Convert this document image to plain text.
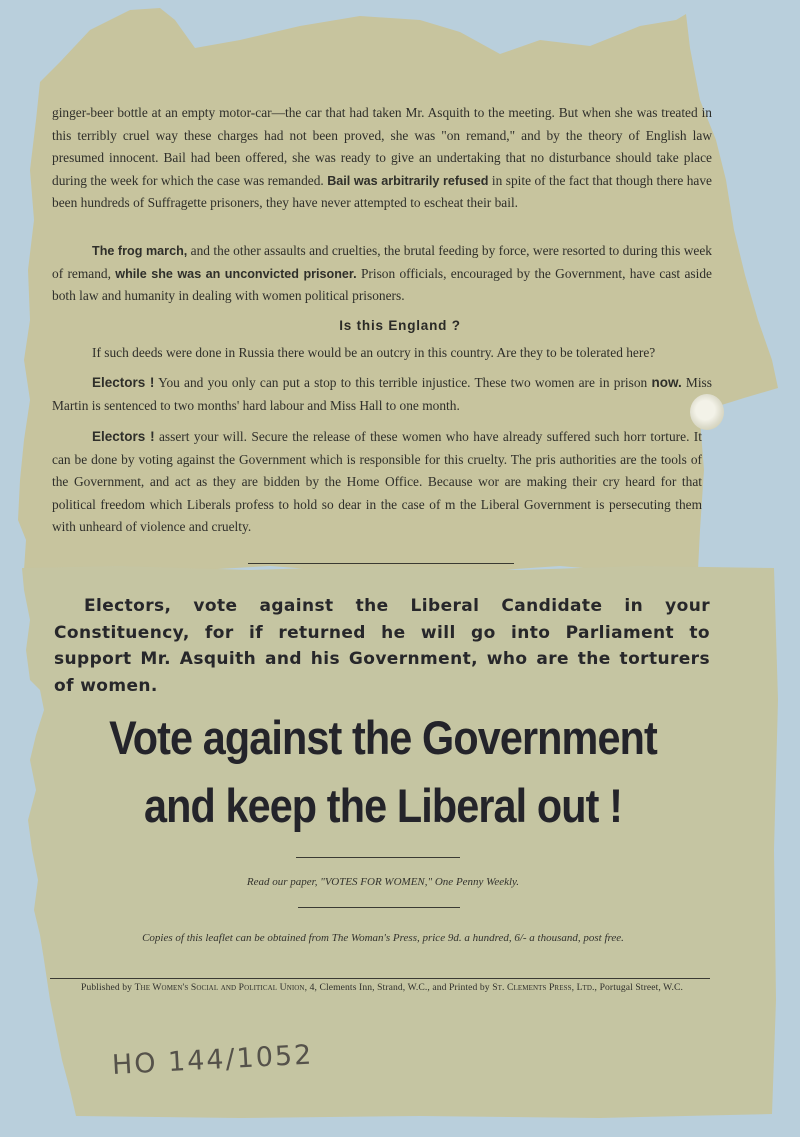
ginger-beer bottle at an empty motor-car—the car that had taken Mr. Asquith to the meeting. But when she was treated in this terribly cruel way these charges had not been proved, she was "on remand," and by the theory of English law presumed innocent. Bail had been offered, she was ready to give an undertaking that no disturbance should take place during the week for which the case was remanded. Bail was arbitrarily refused in spite of the fact that though there have been hundreds of Suffragette prisoners, they have never attempted to escheat their bail.
The frog march, and the other assaults and cruelties, the brutal feeding by force, were resorted to during this week of remand, while she was an unconvicted prisoner. Prison officials, encouraged by the Government, have cast aside both law and humanity in dealing with women political prisoners.
Is this England ?
If such deeds were done in Russia there would be an outcry in this country. Are they to be tolerated here?
Electors ! You and you only can put a stop to this terrible injustice. These two women are in prison now. Miss Martin is sentenced to two months' hard labour and Miss Hall to one month.
Electors ! assert your will. Secure the release of these women who have already suffered such horr torture. It can be done by voting against the Government which is responsible for this cruelty. The pris authorities are the tools of the Government, and act as they are bidden by the Home Office. Because wor are making their cry heard for that political freedom which Liberals profess to hold so dear in the case of m the Liberal Government is persecuting them with unheard of violence and cruelty.
Electors, vote against the Liberal Candidate in your Constituency, for if returned he will go into Parliament to support Mr. Asquith and his Government, who are the torturers of women.
Vote against the Government
and keep the Liberal out !
Read our paper, "VOTES FOR WOMEN," One Penny Weekly.
Copies of this leaflet can be obtained from The Woman's Press, price 9d. a hundred, 6/- a thousand, post free.
Published by The Women's Social and Political Union, 4, Clements Inn, Strand, W.C., and Printed by St. Clements Press, Ltd., Portugal Street, W.C.
HO 144/1052
